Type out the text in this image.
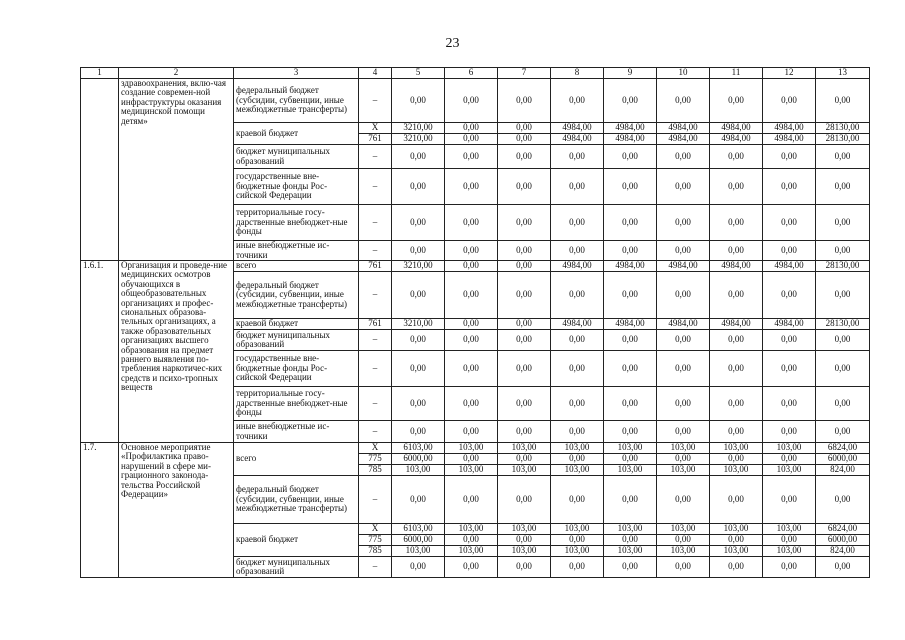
23
1	2	3	4	5	6	7	8	9	10	11	12	13
	здравоохранения, вклю-чая создание современ-ной инфраструктуры оказания медицинской помощи детям»	федеральный бюджет (субсидии, субвенции, иные межбюджетные трансферты)	–	0,00	0,00	0,00	0,00	0,00	0,00	0,00	0,00	0,00
		краевой бюджет	X	3210,00	0,00	0,00	4984,00	4984,00	4984,00	4984,00	4984,00	28130,00
			761	3210,00	0,00	0,00	4984,00	4984,00	4984,00	4984,00	4984,00	28130,00
		бюджет муниципальных образований	–	0,00	0,00	0,00	0,00	0,00	0,00	0,00	0,00	0,00
		государственные вне-бюджетные фонды Рос-сийской Федерации	–	0,00	0,00	0,00	0,00	0,00	0,00	0,00	0,00	0,00
		территориальные госу-дарственные внебюджет-ные фонды	–	0,00	0,00	0,00	0,00	0,00	0,00	0,00	0,00	0,00
		иные внебюджетные ис-точники	–	0,00	0,00	0,00	0,00	0,00	0,00	0,00	0,00	0,00
1.6.1.	Организация и проведе-ние медицинских осмотров обучающихся в общеобразовательных организациях и профес-сиональных образова-тельных организациях, а также образовательных организациях высшего образования на предмет раннего выявления по-требления наркотичес-ких средств и психо-тропных веществ	всего	761	3210,00	0,00	0,00	4984,00	4984,00	4984,00	4984,00	4984,00	28130,00
		федеральный бюджет (субсидии, субвенции, иные межбюджетные трансферты)	–	0,00	0,00	0,00	0,00	0,00	0,00	0,00	0,00	0,00
		краевой бюджет	761	3210,00	0,00	0,00	4984,00	4984,00	4984,00	4984,00	4984,00	28130,00
		бюджет муниципальных образований	–	0,00	0,00	0,00	0,00	0,00	0,00	0,00	0,00	0,00
		государственные вне-бюджетные фонды Рос-сийской Федерации	–	0,00	0,00	0,00	0,00	0,00	0,00	0,00	0,00	0,00
		территориальные госу-дарственные внебюджет-ные фонды	–	0,00	0,00	0,00	0,00	0,00	0,00	0,00	0,00	0,00
		иные внебюджетные ис-точники	–	0,00	0,00	0,00	0,00	0,00	0,00	0,00	0,00	0,00
1.7.	Основное мероприятие «Профилактика право-нарушений в сфере ми-грационного законода-тельства Российской Федерации»	всего	X	6103,00	103,00	103,00	103,00	103,00	103,00	103,00	103,00	6824,00
			775	6000,00	0,00	0,00	0,00	0,00	0,00	0,00	0,00	6000,00
			785	103,00	103,00	103,00	103,00	103,00	103,00	103,00	103,00	824,00
		федеральный бюджет (субсидии, субвенции, иные межбюджетные трансферты)	–	0,00	0,00	0,00	0,00	0,00	0,00	0,00	0,00	0,00
		краевой бюджет	X	6103,00	103,00	103,00	103,00	103,00	103,00	103,00	103,00	6824,00
			775	6000,00	0,00	0,00	0,00	0,00	0,00	0,00	0,00	6000,00
			785	103,00	103,00	103,00	103,00	103,00	103,00	103,00	103,00	824,00
		бюджет муниципальных образований	–	0,00	0,00	0,00	0,00	0,00	0,00	0,00	0,00	0,00
